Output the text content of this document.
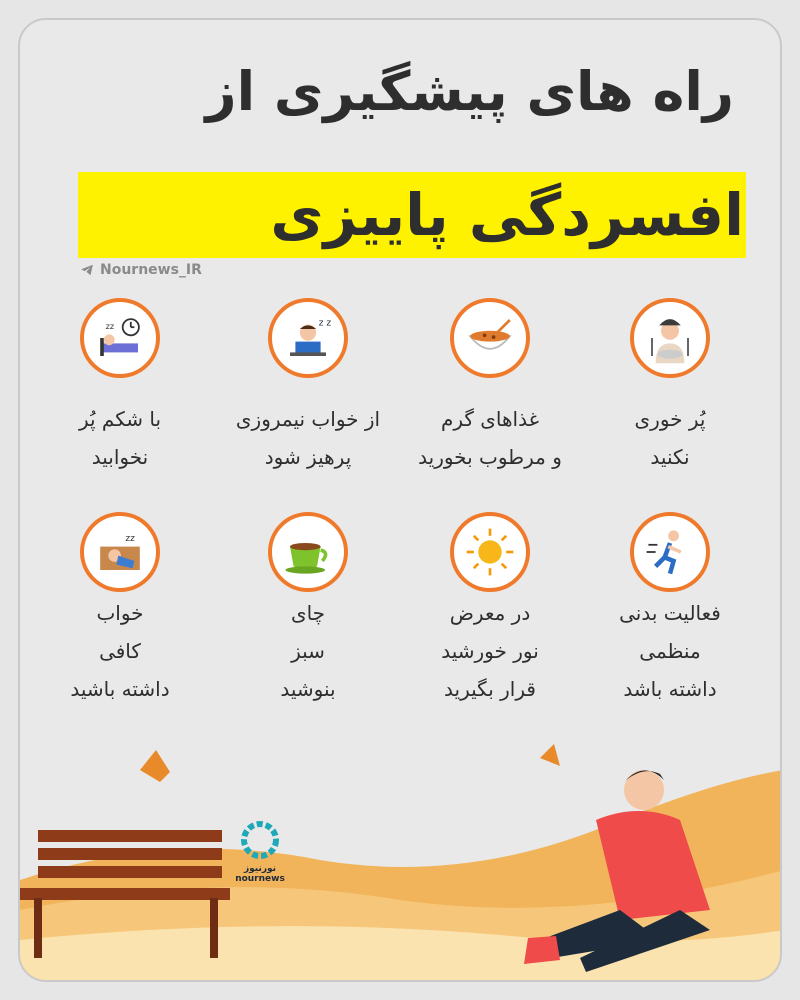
راه های پیشگیری از
افسردگی پاییزی
Nournews_IR
z z
zz
پُر خوری
نکنید
غذاهای گرم
و مرطوب بخورید
از خواب نیمروزی
پرهیز شود
با شکم پُر
نخوابید
zz
فعالیت بدنی
منظمی
داشته باشد
در معرض
نور خورشید
قرار بگیرید
چای
سبز
بنوشید
خواب
کافی
داشته باشید
نورنیوز
nournews
